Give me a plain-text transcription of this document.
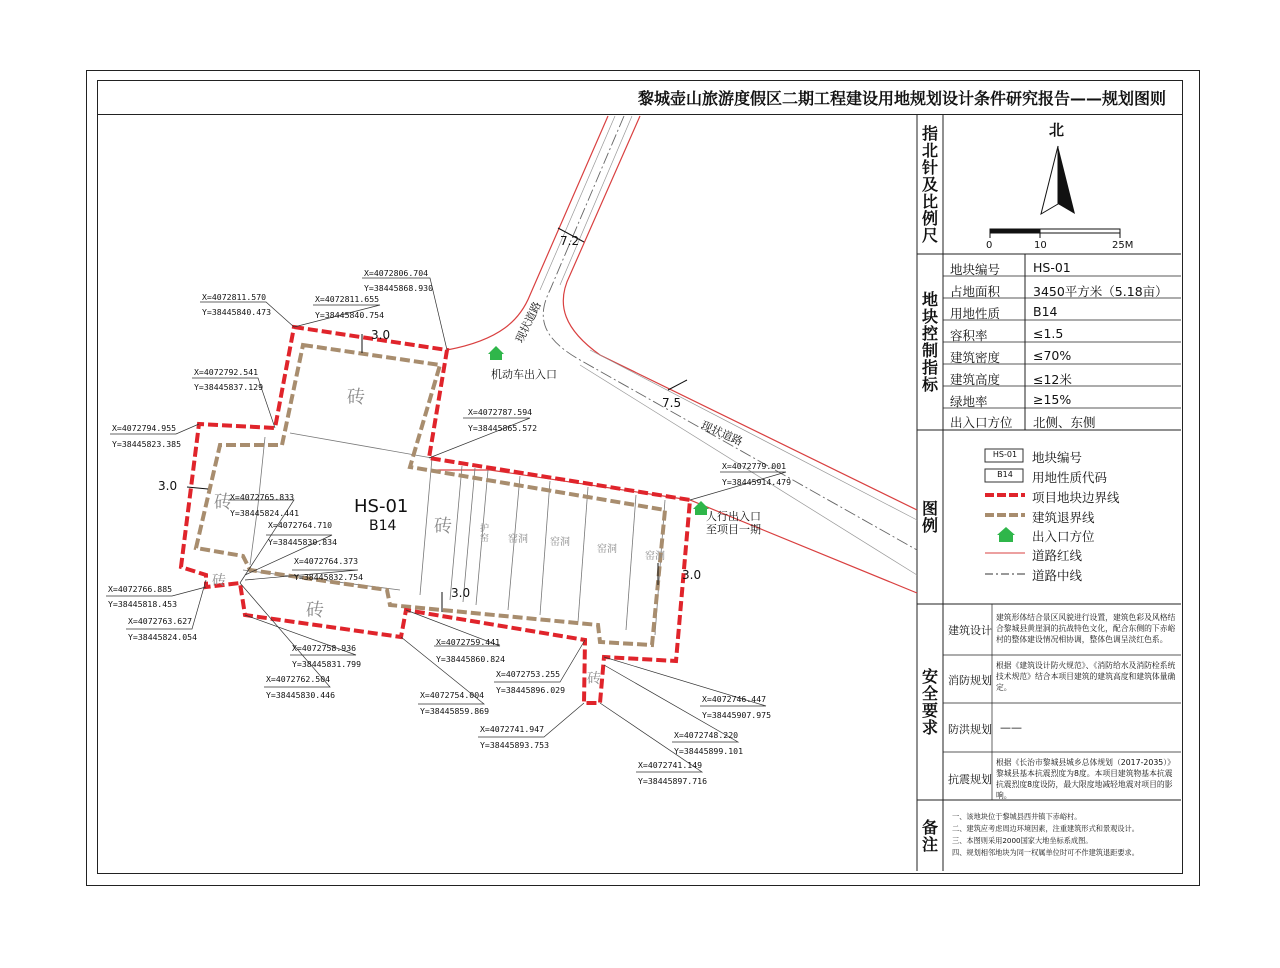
黎城壶山旅游度假区二期工程建设用地规划设计条件研究报告——规划图则
指北针及比例尺
地块控制指标
图例
安全要求
备注
北
0	10	25M
地块编号	HS-01
占地面积	3450平方米（5.18亩）
用地性质	B14
容积率	≤1.5
建筑密度	≤70%
建筑高度	≤12米
绿地率	≥15%
出入口方位 北侧、东侧
HS-01
B14
地块编号
用地性质代码
项目地块边界线
建筑退界线
出入口方位
道路红线
道路中线
建筑设计
建筑形体结合景区风貌进行设置，建筑色彩及风格结合黎城县黄崖洞的抗战特色文化，配合东侧的下赤峪村的整体建设情况相协调，整体色调呈淡红色系。
消防规划
根据《建筑设计防火规范》、《消防给水及消防栓系统技术规范》结合本项目建筑的建筑高度和建筑体量确定。
防洪规划 ——
抗震规划
根据《长治市黎城县城乡总体规划（2017-2035）》黎城县基本抗震烈度为8度。本项目建筑物基本抗震抗震烈度8度设防，最大限度地减轻地震对项目的影响。
一、该地块位于黎城县西井镇下赤峪村。
二、建筑应考虑周边环境因素，注重建筑形式和景观设计。
三、本图则采用2000国家大地坐标系成图。
四、规划相邻地块为同一权属单位时可不作建筑退距要求。
HS-01
B14
砖
砖
砖
砖
砖
砖
护窑 窑洞 窑洞
窑洞
窑洞
机动车出入口
人行出入口
至项目一期
现状道路
现状道路
7.2
7.5
3.0
3.0
3.0
3.0
X=4072806.704
Y=38445868.930
X=4072811.570
Y=38445840.473
X=4072811.655
Y=38445840.754
X=4072792.541
Y=38445837.129
X=4072787.594
Y=38445865.572
X=4072794.955
Y=38445823.385
X=4072779.001
Y=38445914.479
X=4072765.833
Y=38445824.441
X=4072764.710
Y=38445830.834
X=4072764.373
Y=38445832.754
X=4072766.885
Y=38445818.453
X=4072763.627
Y=38445824.054	X=4072759.441
Y=38445860.824
X=4072758.936
Y=38445831.799
X=4072753.255
Y=38445896.029
X=4072762.504
Y=38445830.446	X=4072754.004
Y=38445859.869
X=4072746.447
Y=38445907.975
X=4072741.947
Y=38445893.753
X=4072748.220
Y=38445899.101
X=4072741.149
Y=38445897.716
